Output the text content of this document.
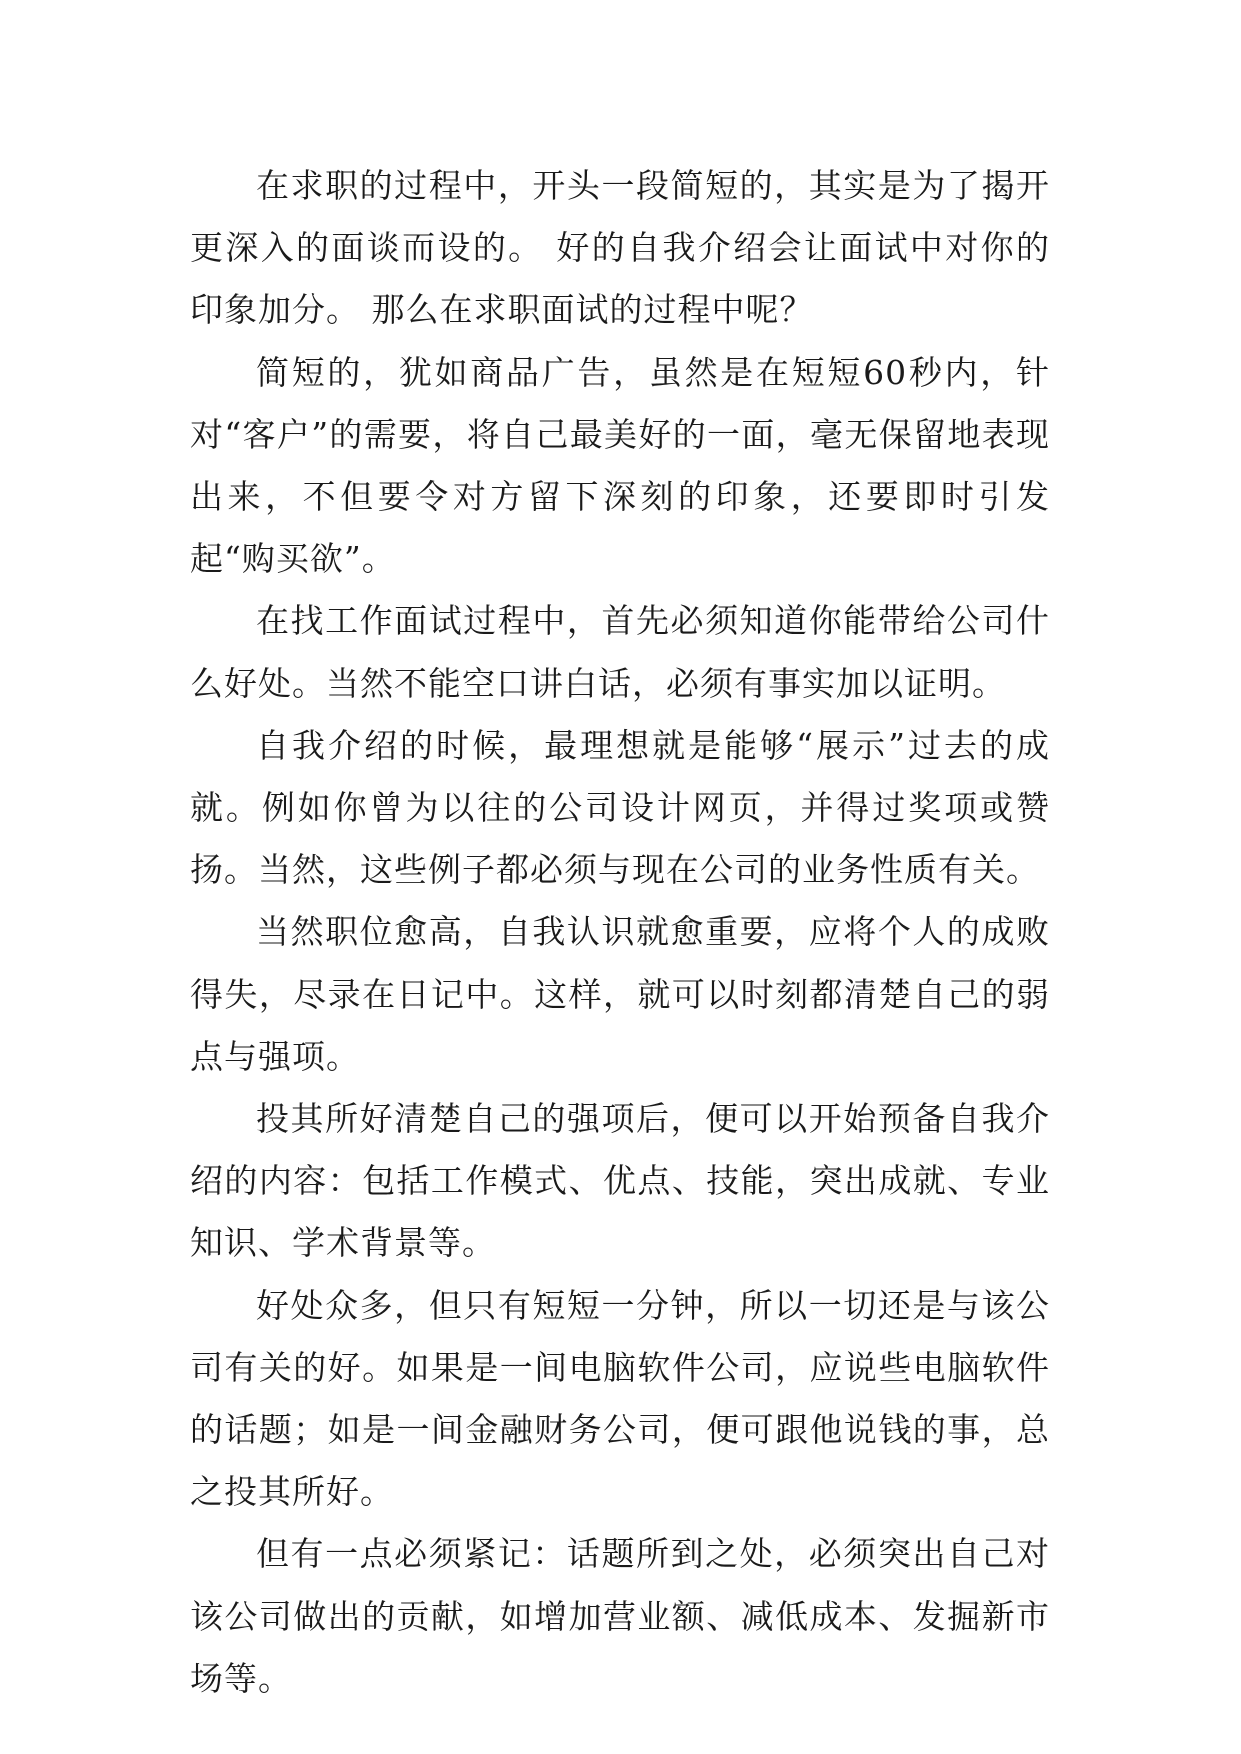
在求职的过程中，开头一段简短的，其实是为了揭开更深入的面谈而设的。 好的自我介绍会让面试中对你的印象加分。 那么在求职面试的过程中呢？

简短的，犹如商品广告，虽然是在短短60秒内，针对“客户”的需要，将自己最美好的一面，毫无保留地表现出来，不但要令对方留下深刻的印象，还要即时引发起“购买欲”。

在找工作面试过程中，首先必须知道你能带给公司什么好处。当然不能空口讲白话，必须有事实加以证明。

自我介绍的时候，最理想就是能够“展示”过去的成就。例如你曾为以往的公司设计网页，并得过奖项或赞扬。当然，这些例子都必须与现在公司的业务性质有关。

当然职位愈高，自我认识就愈重要，应将个人的成败得失，尽录在日记中。这样，就可以时刻都清楚自己的弱点与强项。

投其所好清楚自己的强项后，便可以开始预备自我介绍的内容：包括工作模式、优点、技能，突出成就、专业知识、学术背景等。

好处众多，但只有短短一分钟，所以一切还是与该公司有关的好。如果是一间电脑软件公司，应说些电脑软件的话题；如是一间金融财务公司，便可跟他说钱的事，总之投其所好。

但有一点必须紧记：话题所到之处，必须突出自己对该公司做出的贡献，如增加营业额、减低成本、发掘新市场等。
